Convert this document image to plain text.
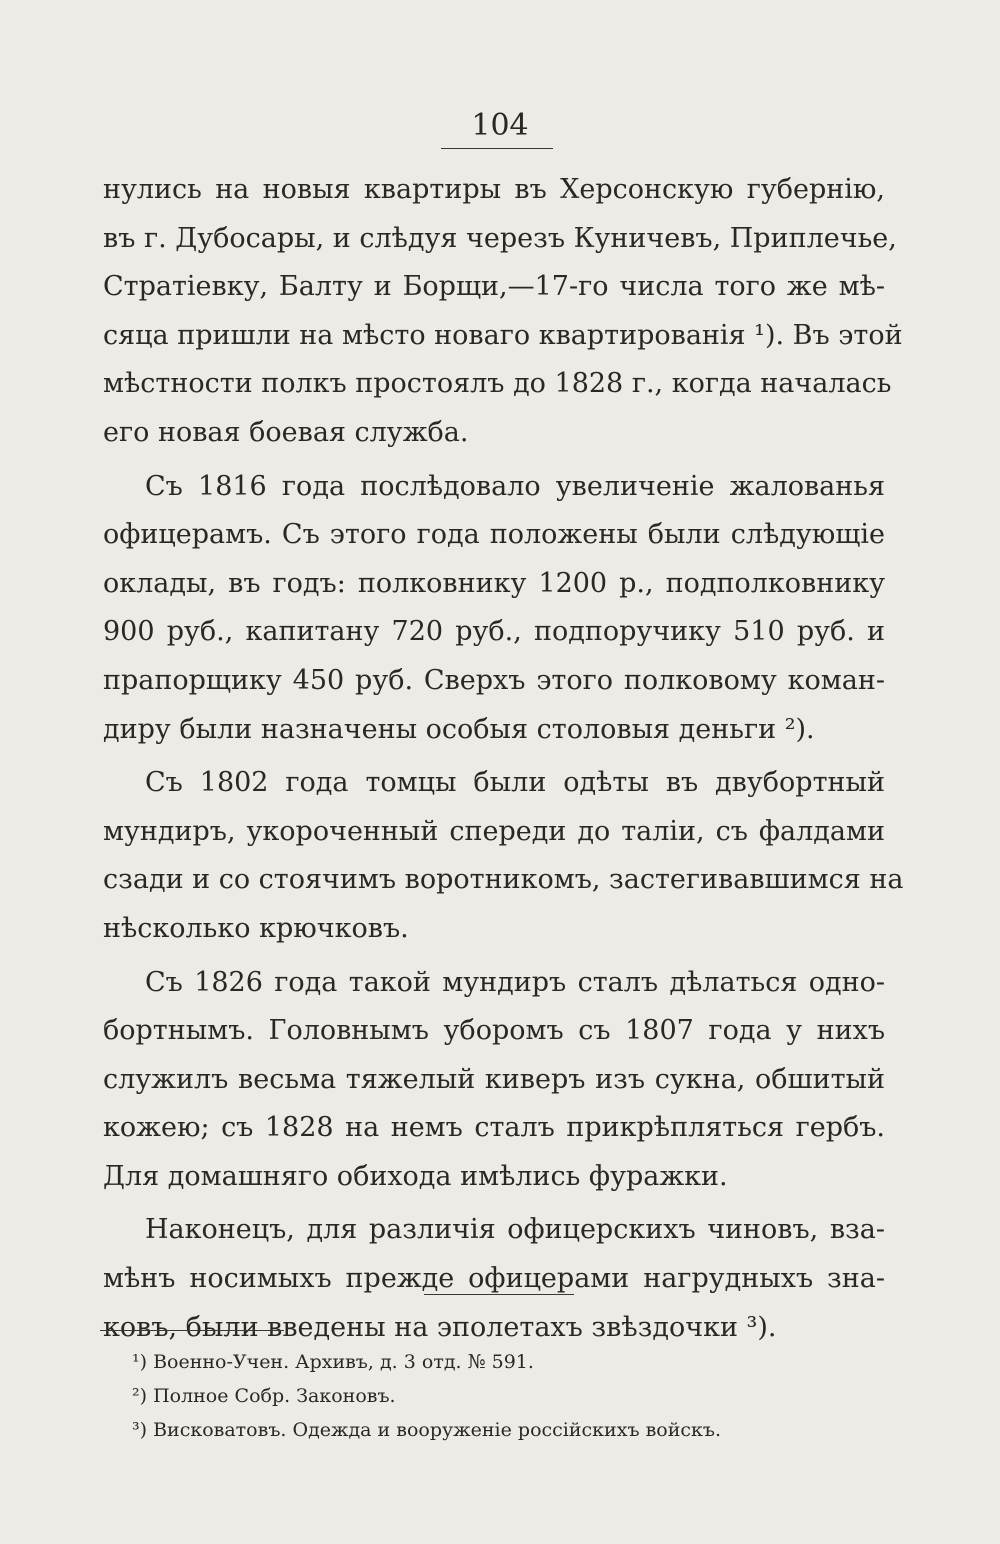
104
нулись на новыя квартиры въ Херсонскую губернію,
въ г. Дубосары, и слѣдуя черезъ Куничевъ, Приплечье,
Стратіевку, Балту и Борщи,—17-го числа того же мѣ-
сяца пришли на мѣсто новаго квартированія ¹). Въ этой
мѣстности полкъ простоялъ до 1828 г., когда началась
его новая боевая служба.
Съ 1816 года послѣдовало увеличеніе жалованья
офицерамъ. Съ этого года положены были слѣдующіе
оклады, въ годъ: полковнику 1200 р., подполковнику
900 руб., капитану 720 руб., подпоручику 510 руб. и
прапорщику 450 руб. Сверхъ этого полковому коман-
диру были назначены особыя столовыя деньги ²).
Съ 1802 года томцы были одѣты въ двубортный
мундиръ, укороченный спереди до таліи, съ фалдами
сзади и со стоячимъ воротникомъ, застегивавшимся на
нѣсколько крючковъ.
Съ 1826 года такой мундиръ сталъ дѣлаться одно-
бортнымъ. Головнымъ уборомъ съ 1807 года у нихъ
служилъ весьма тяжелый киверъ изъ сукна, обшитый
кожею; съ 1828 на немъ сталъ прикрѣпляться гербъ.
Для домашняго обихода имѣлись фуражки.
Наконецъ, для различія офицерскихъ чиновъ, вза-
мѣнъ носимыхъ прежде офицерами нагрудныхъ зна-
ковъ, были введены на эполетахъ звѣздочки ³).
¹) Военно-Учен. Архивъ, д. 3 отд. № 591.
²) Полное Собр. Законовъ.
³) Висковатовъ. Одежда и вооруженіе россійскихъ войскъ.
